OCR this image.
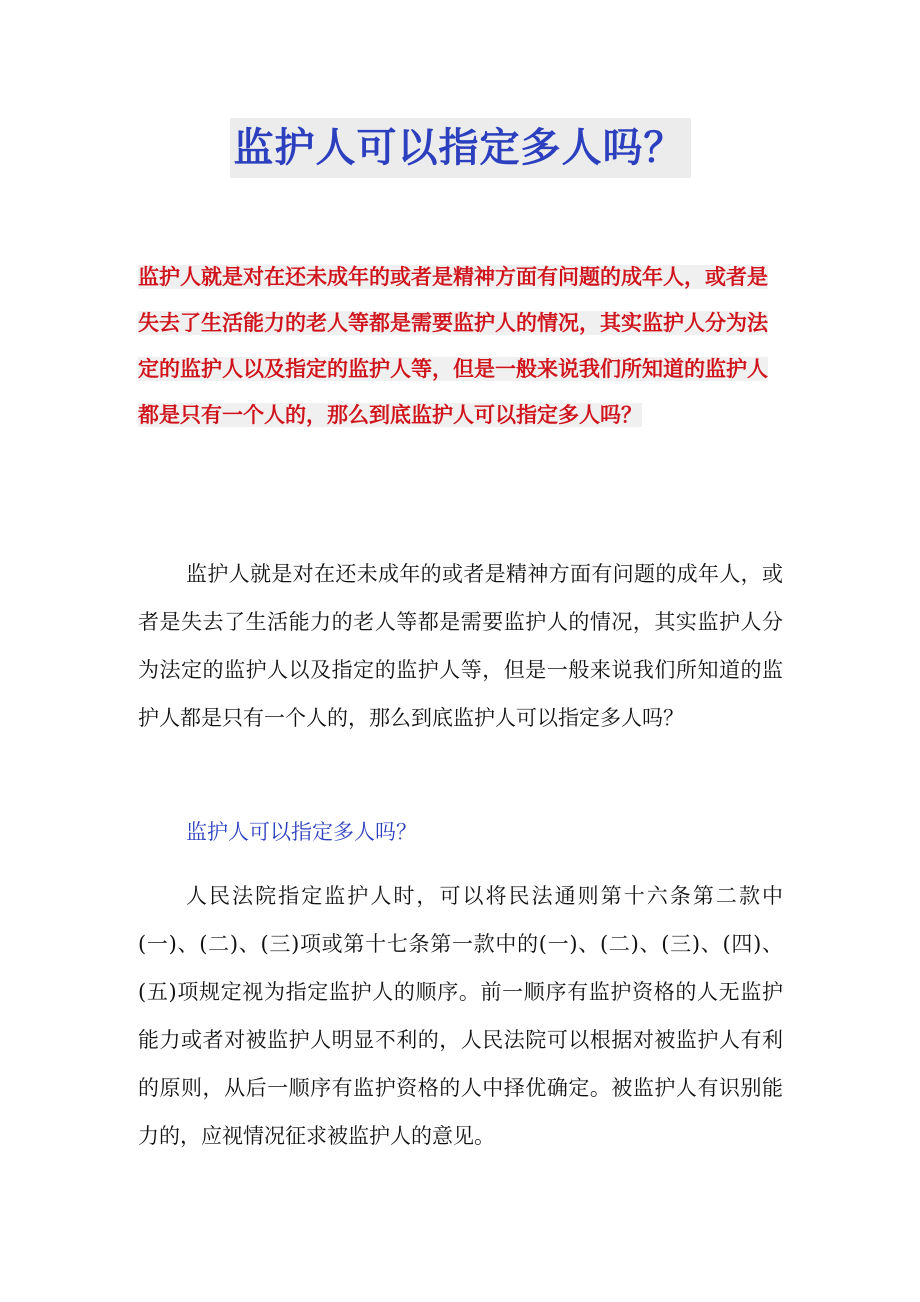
监护人可以指定多人吗？
监护人就是对在还未成年的或者是精神方面有问题的成年人，或者是失去了生活能力的老人等都是需要监护人的情况，其实监护人分为法定的监护人以及指定的监护人等，但是一般来说我们所知道的监护人都是只有一个人的，那么到底监护人可以指定多人吗？
监护人就是对在还未成年的或者是精神方面有问题的成年人，或者是失去了生活能力的老人等都是需要监护人的情况，其实监护人分为法定的监护人以及指定的监护人等，但是一般来说我们所知道的监护人都是只有一个人的，那么到底监护人可以指定多人吗？
监护人可以指定多人吗？
人民法院指定监护人时，可以将民法通则第十六条第二款中(一)、(二)、(三)项或第十七条第一款中的(一)、(二)、(三)、(四)、(五)项规定视为指定监护人的顺序。前一顺序有监护资格的人无监护能力或者对被监护人明显不利的，人民法院可以根据对被监护人有利的原则，从后一顺序有监护资格的人中择优确定。被监护人有识别能力的，应视情况征求被监护人的意见。
